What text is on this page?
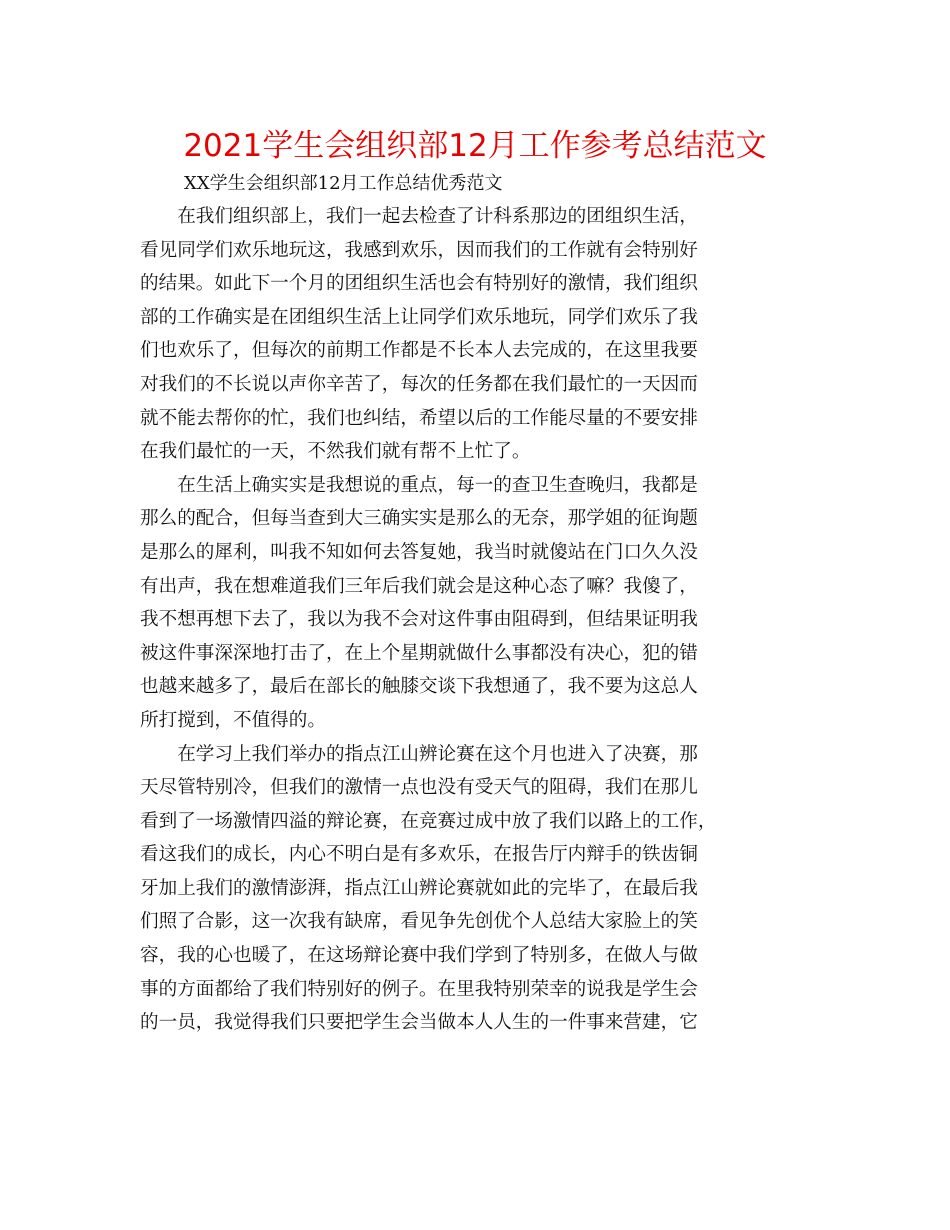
2021学生会组织部12月工作参考总结范文

XX学生会组织部12月工作总结优秀范文

在我们组织部上，我们一起去检查了计科系那边的团组织生活，
看见同学们欢乐地玩这，我感到欢乐，因而我们的工作就有会特别好
的结果。如此下一个月的团组织生活也会有特别好的激情，我们组织
部的工作确实是在团组织生活上让同学们欢乐地玩，同学们欢乐了我
们也欢乐了，但每次的前期工作都是不长本人去完成的，在这里我要
对我们的不长说以声你辛苦了，每次的任务都在我们最忙的一天因而
就不能去帮你的忙，我们也纠结，希望以后的工作能尽量的不要安排
在我们最忙的一天，不然我们就有帮不上忙了。

在生活上确实实是我想说的重点，每一的查卫生查晚归，我都是
那么的配合，但每当查到大三确实实是那么的无奈，那学姐的征询题
是那么的犀利，叫我不知如何去答复她，我当时就傻站在门口久久没
有出声，我在想难道我们三年后我们就会是这种心态了嘛？我傻了，
我不想再想下去了，我以为我不会对这件事由阻碍到，但结果证明我
被这件事深深地打击了，在上个星期就做什么事都没有决心，犯的错
也越来越多了，最后在部长的触膝交谈下我想通了，我不要为这总人
所打搅到，不值得的。

在学习上我们举办的指点江山辨论赛在这个月也进入了决赛，那
天尽管特别冷，但我们的激情一点也没有受天气的阻碍，我们在那儿
看到了一场激情四溢的辩论赛，在竞赛过成中放了我们以路上的工作，
看这我们的成长，内心不明白是有多欢乐，在报告厅内辩手的铁齿铜
牙加上我们的激情澎湃，指点江山辨论赛就如此的完毕了，在最后我
们照了合影，这一次我有缺席，看见争先创优个人总结大家脸上的笑
容，我的心也暖了，在这场辩论赛中我们学到了特别多，在做人与做
事的方面都给了我们特别好的例子。在里我特别荣幸的说我是学生会
的一员，我觉得我们只要把学生会当做本人人生的一件事来营建，它
